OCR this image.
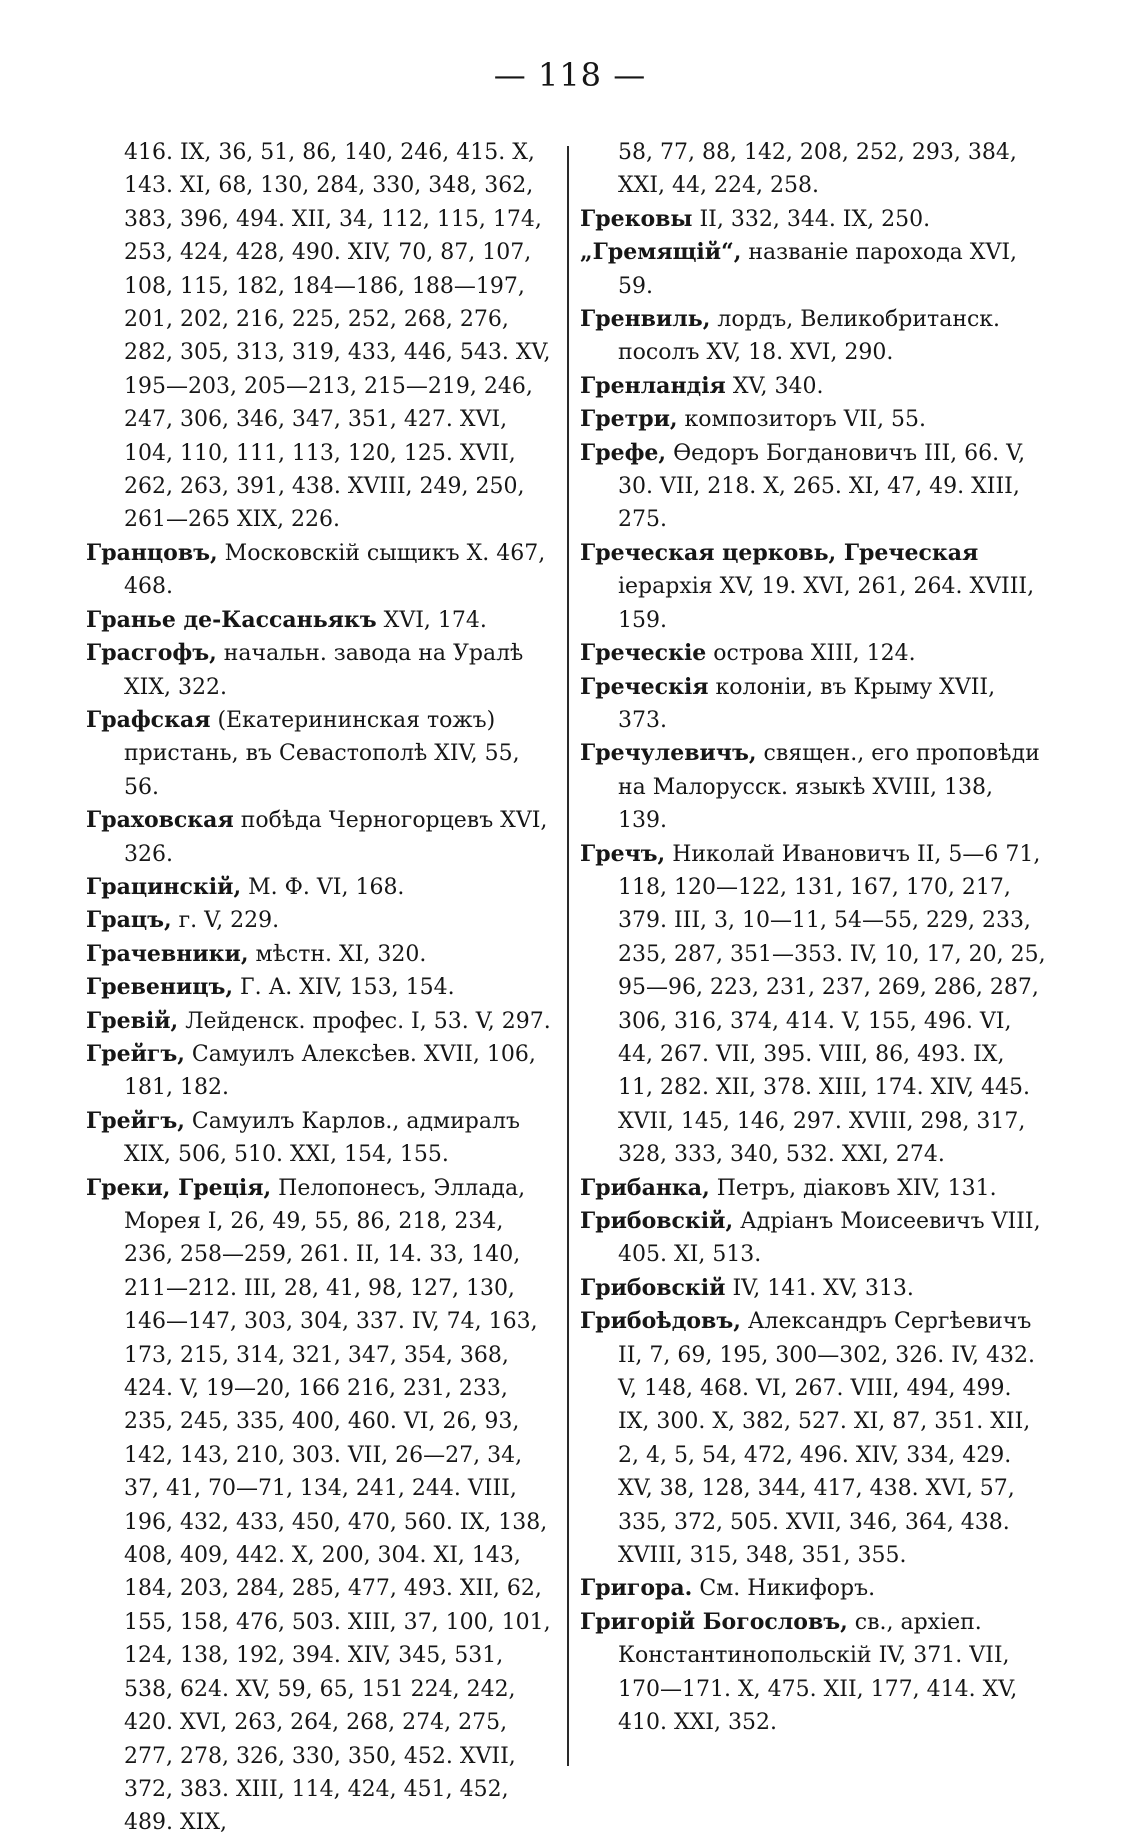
— 118 —

416. IX, 36, 51, 86, 140, 246, 415. X, 143. XI, 68, 130, 284, 330, 348, 362, 383, 396, 494. XII, 34, 112, 115, 174, 253, 424, 428, 490. XIV, 70, 87, 107, 108, 115, 182, 184—186, 188—197, 201, 202, 216, 225, 252, 268, 276, 282, 305, 313, 319, 433, 446, 543. XV, 195—203, 205—213, 215—219, 246, 247, 306, 346, 347, 351, 427. XVI, 104, 110, 111, 113, 120, 125. XVII, 262, 263, 391, 438. XVIII, 249, 250, 261—265 XIX, 226.

Гранцовъ, Московскій сыщикъ X. 467, 468.

Гранье де-Кассаньякъ XVI, 174.

Грасгофъ, начальн. завода на Уралѣ XIX, 322.

Графская (Екатерининская тожъ) пристань, въ Севастополѣ XIV, 55, 56.

Граховская побѣда Черногорцевъ XVI, 326.

Грацинскій, М. Ф. VI, 168.

Грацъ, г. V, 229.

Грачевники, мѣстн. XI, 320.

Гревеницъ, Г. А. XIV, 153, 154.

Гревій, Лейденск. профес. I, 53. V, 297.

Грейгъ, Самуилъ Алексѣев. XVII, 106, 181, 182.

Грейгъ, Самуилъ Карлов., адмиралъ XIX, 506, 510. XXI, 154, 155.

Греки, Греція, Пелопонесъ, Эллада, Морея I, 26, 49, 55, 86, 218, 234, 236, 258—259, 261. II, 14. 33, 140, 211—212. III, 28, 41, 98, 127, 130, 146—147, 303, 304, 337. IV, 74, 163, 173, 215, 314, 321, 347, 354, 368, 424. V, 19—20, 166 216, 231, 233, 235, 245, 335, 400, 460. VI, 26, 93, 142, 143, 210, 303. VII, 26—27, 34, 37, 41, 70—71, 134, 241, 244. VIII, 196, 432, 433, 450, 470, 560. IX, 138, 408, 409, 442. X, 200, 304. XI, 143, 184, 203, 284, 285, 477, 493. XII, 62, 155, 158, 476, 503. XIII, 37, 100, 101, 124, 138, 192, 394. XIV, 345, 531, 538, 624. XV, 59, 65, 151 224, 242, 420. XVI, 263, 264, 268, 274, 275, 277, 278, 326, 330, 350, 452. XVII, 372, 383. XIII, 114, 424, 451, 452, 489. XIX,

58, 77, 88, 142, 208, 252, 293, 384, XXI, 44, 224, 258.

Грековы II, 332, 344. IX, 250.

„Гремящій“, названіе парохода XVI, 59.

Гренвиль, лордъ, Великобританск. посолъ XV, 18. XVI, 290.

Гренландія XV, 340.

Гретри, композиторъ VII, 55.

Грефе, Ѳедоръ Богдановичъ III, 66. V, 30. VII, 218. X, 265. XI, 47, 49. XIII, 275.

Греческая церковь, Греческая іерархія XV, 19. XVI, 261, 264. XVIII, 159.

Греческіе острова XIII, 124.

Греческія колоніи, въ Крыму XVII, 373.

Гречулевичъ, священ., его проповѣди на Малорусск. языкѣ XVIII, 138, 139.

Гречъ, Николай Ивановичъ II, 5—6 71, 118, 120—122, 131, 167, 170, 217, 379. III, 3, 10—11, 54—55, 229, 233, 235, 287, 351—353. IV, 10, 17, 20, 25, 95—96, 223, 231, 237, 269, 286, 287, 306, 316, 374, 414. V, 155, 496. VI, 44, 267. VII, 395. VIII, 86, 493. IX, 11, 282. XII, 378. XIII, 174. XIV, 445. XVII, 145, 146, 297. XVIII, 298, 317, 328, 333, 340, 532. XXI, 274.

Грибанка, Петръ, діаковъ XIV, 131.

Грибовскій, Адріанъ Моисеевичъ VIII, 405. XI, 513.

Грибовскій IV, 141. XV, 313.

Грибоѣдовъ, Александръ Сергѣевичъ II, 7, 69, 195, 300—302, 326. IV, 432. V, 148, 468. VI, 267. VIII, 494, 499. IX, 300. X, 382, 527. XI, 87, 351. XII, 2, 4, 5, 54, 472, 496. XIV, 334, 429. XV, 38, 128, 344, 417, 438. XVI, 57, 335, 372, 505. XVII, 346, 364, 438. XVIII, 315, 348, 351, 355.

Григора. См. Никифоръ.

Григорій Богословъ, св., архіеп. Константинопольскій IV, 371. VII, 170—171. X, 475. XII, 177, 414. XV, 410. XXI, 352.
